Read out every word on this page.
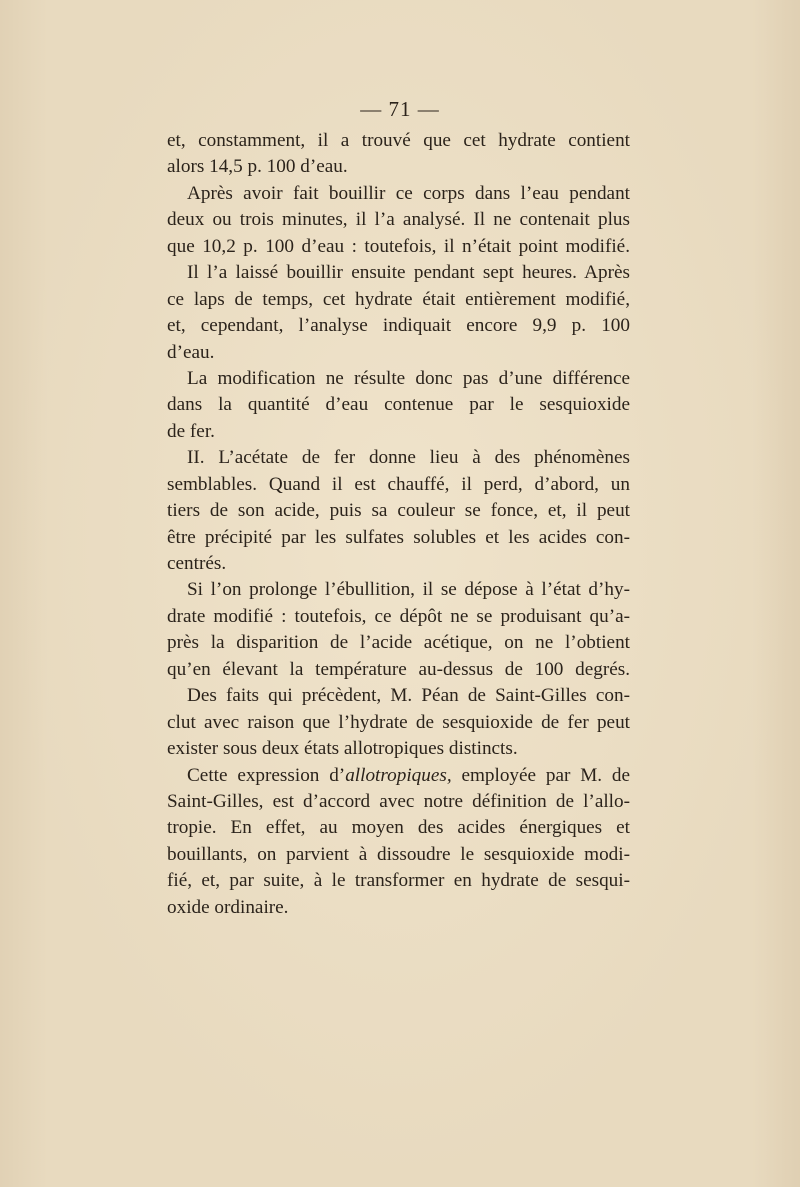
— 71 —
et, constamment, il a trouvé que cet hydrate contient
alors 14,5 p. 100 d’eau.
Après avoir fait bouillir ce corps dans l’eau pendant
deux ou trois minutes, il l’a analysé. Il ne contenait plus
que 10,2 p. 100 d’eau : toutefois, il n’était point modifié.
Il l’a laissé bouillir ensuite pendant sept heures. Après
ce laps de temps, cet hydrate était entièrement modifié,
et, cependant, l’analyse indiquait encore 9,9 p. 100
d’eau.
La modification ne résulte donc pas d’une différence
dans la quantité d’eau contenue par le sesquioxide
de fer.
II. L’acétate de fer donne lieu à des phénomènes
semblables. Quand il est chauffé, il perd, d’abord, un
tiers de son acide, puis sa couleur se fonce, et, il peut
être précipité par les sulfates solubles et les acides con-
centrés.
Si l’on prolonge l’ébullition, il se dépose à l’état d’hy-
drate modifié : toutefois, ce dépôt ne se produisant qu’a-
près la disparition de l’acide acétique, on ne l’obtient
qu’en élevant la température au-dessus de 100 degrés.
Des faits qui précèdent, M. Péan de Saint-Gilles con-
clut avec raison que l’hydrate de sesquioxide de fer peut
exister sous deux états allotropiques distincts.
Cette expression d’allotropiques, employée par M. de
Saint-Gilles, est d’accord avec notre définition de l’allo-
tropie. En effet, au moyen des acides énergiques et
bouillants, on parvient à dissoudre le sesquioxide modi-
fié, et, par suite, à le transformer en hydrate de sesqui-
oxide ordinaire.
